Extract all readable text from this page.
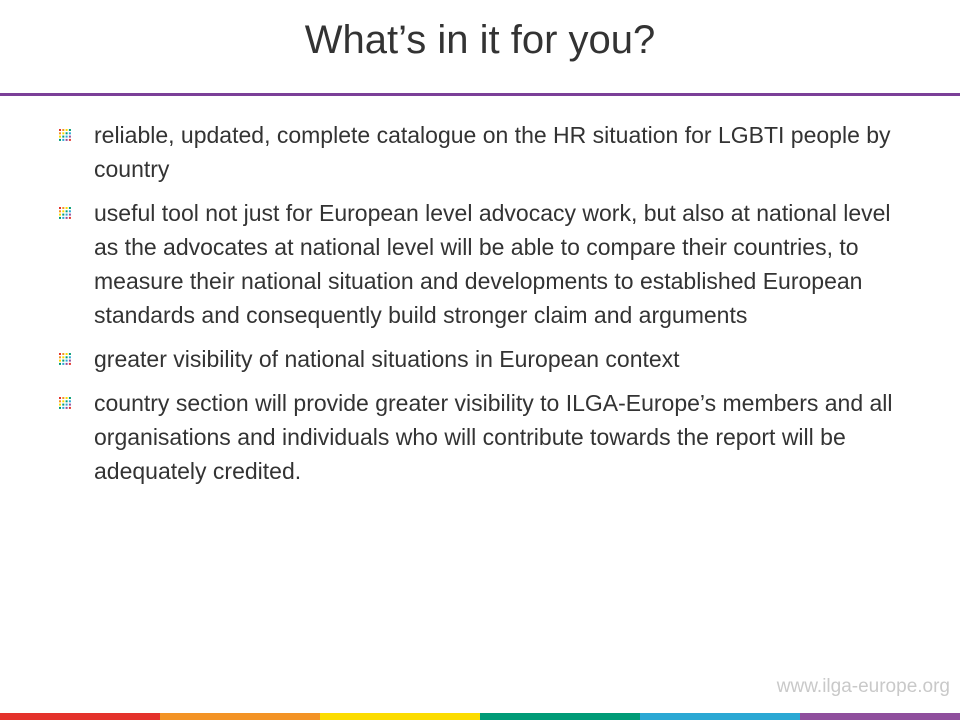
What’s in it for you?
reliable, updated, complete catalogue on the HR situation for LGBTI people by country
useful tool not just for European level advocacy work, but also at national level as the advocates at national level will be able to compare their countries, to measure their national situation and developments to established European standards and consequently build stronger claim and arguments
greater visibility of national situations in European context
country section will provide greater visibility to ILGA-Europe’s members and all organisations and individuals who will contribute towards the report will be adequately credited.
www.ilga-europe.org
